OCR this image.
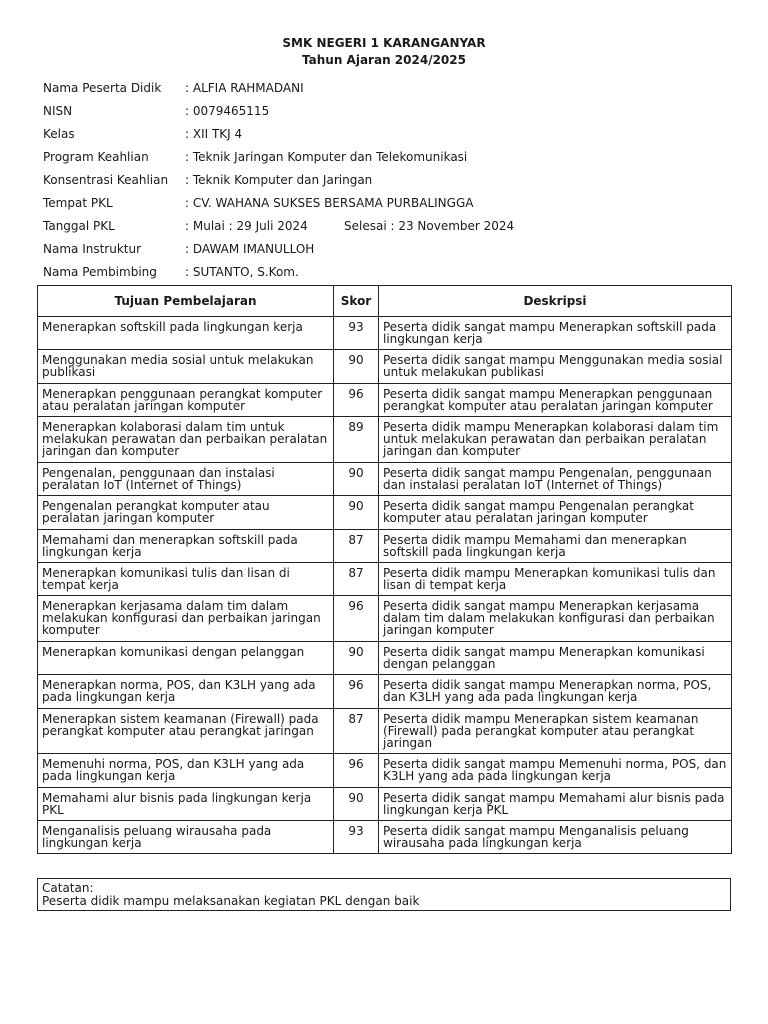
SMK NEGERI 1 KARANGANYAR
Tahun Ajaran 2024/2025
Nama Peserta Didik : ALFIA RAHMADANI
NISN	: 0079465115
Kelas	: XII TKJ 4
Program Keahlian	: Teknik Jaringan Komputer dan Telekomunikasi
Konsentrasi Keahlian : Teknik Komputer dan Jaringan
Tempat PKL	: CV. WAHANA SUKSES BERSAMA PURBALINGGA
Tanggal PKL	: Mulai : 29 Juli 2024	Selesai : 23 November 2024
Nama Instruktur	: DAWAM IMANULLOH
Nama Pembimbing : SUTANTO, S.Kom.
Tujuan Pembelajaran	Skor	Deskripsi
Menerapkan softskill pada lingkungan kerja	93	Peserta didik sangat mampu Menerapkan softskill pada lingkungan kerja
Menggunakan media sosial untuk melakukan publikasi	90	Peserta didik sangat mampu Menggunakan media sosial untuk melakukan publikasi
Menerapkan penggunaan perangkat komputer atau peralatan jaringan komputer	96	Peserta didik sangat mampu Menerapkan penggunaan perangkat komputer atau peralatan jaringan komputer
Menerapkan kolaborasi dalam tim untuk melakukan perawatan dan perbaikan peralatan jaringan dan komputer	89	Peserta didik mampu Menerapkan kolaborasi dalam tim untuk melakukan perawatan dan perbaikan peralatan jaringan dan komputer
Pengenalan, penggunaan dan instalasi peralatan IoT (Internet of Things)	90	Peserta didik sangat mampu Pengenalan, penggunaan dan instalasi peralatan IoT (Internet of Things)
Pengenalan perangkat komputer atau peralatan jaringan komputer	90	Peserta didik sangat mampu Pengenalan perangkat komputer atau peralatan jaringan komputer
Memahami dan menerapkan softskill pada lingkungan kerja	87	Peserta didik mampu Memahami dan menerapkan softskill pada lingkungan kerja
Menerapkan komunikasi tulis dan lisan di tempat kerja	87	Peserta didik mampu Menerapkan komunikasi tulis dan lisan di tempat kerja
Menerapkan kerjasama dalam tim dalam melakukan konfigurasi dan perbaikan jaringan komputer	96	Peserta didik sangat mampu Menerapkan kerjasama dalam tim dalam melakukan konfigurasi dan perbaikan jaringan komputer
Menerapkan komunikasi dengan pelanggan	90	Peserta didik sangat mampu Menerapkan komunikasi dengan pelanggan
Menerapkan norma, POS, dan K3LH yang ada pada lingkungan kerja	96	Peserta didik sangat mampu Menerapkan norma, POS, dan K3LH yang ada pada lingkungan kerja
Menerapkan sistem keamanan (Firewall) pada perangkat komputer atau perangkat jaringan	87	Peserta didik mampu Menerapkan sistem keamanan (Firewall) pada perangkat komputer atau perangkat jaringan
Memenuhi norma, POS, dan K3LH yang ada pada lingkungan kerja	96	Peserta didik sangat mampu Memenuhi norma, POS, dan K3LH yang ada pada lingkungan kerja
Memahami alur bisnis pada lingkungan kerja PKL	90	Peserta didik sangat mampu Memahami alur bisnis pada lingkungan kerja PKL
Menganalisis peluang wirausaha pada lingkungan kerja	93	Peserta didik sangat mampu Menganalisis peluang wirausaha pada lingkungan kerja
Catatan:
Peserta didik mampu melaksanakan kegiatan PKL dengan baik
